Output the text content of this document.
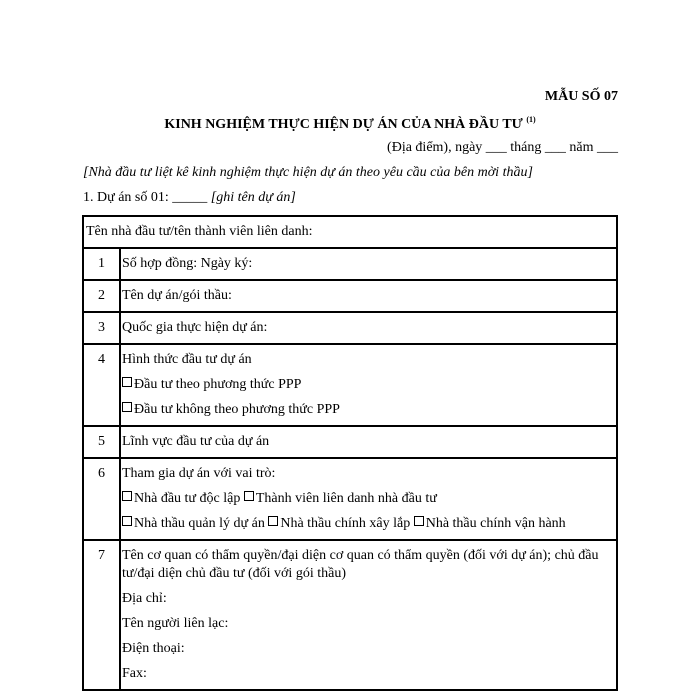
MẪU SỐ 07
KINH NGHIỆM THỰC HIỆN DỰ ÁN CỦA NHÀ ĐẦU TƯ $^{(1)}$
(Địa điểm), ngày ___ tháng ___ năm ___
[Nhà đầu tư liệt kê kinh nghiệm thực hiện dự án theo yêu cầu của bên mời thầu]
1. Dự án số 01: _____ [ghi tên dự án]
Tên nhà đầu tư/tên thành viên liên danh:	
1	Số hợp đồng: Ngày ký:
2	Tên dự án/gói thầu:
3	Quốc gia thực hiện dự án:
4	Hình thức đầu tư dự án
Đầu tư theo phương thức PPP
Đầu tư không theo phương thức PPP

5	Lĩnh vực đầu tư của dự án
6	Tham gia dự án với vai trò:
Nhà đầu tư độc lập Thành viên liên danh nhà đầu tư
Nhà thầu quản lý dự án Nhà thầu chính xây lắp Nhà thầu chính vận hành

7	Tên cơ quan có thẩm quyền/đại diện cơ quan có thẩm quyền (đối với dự án); chủ đầu tư/đại diện chủ đầu tư (đối với gói thầu)
Địa chỉ:
Tên người liên lạc:
Điện thoại:
Fax:
